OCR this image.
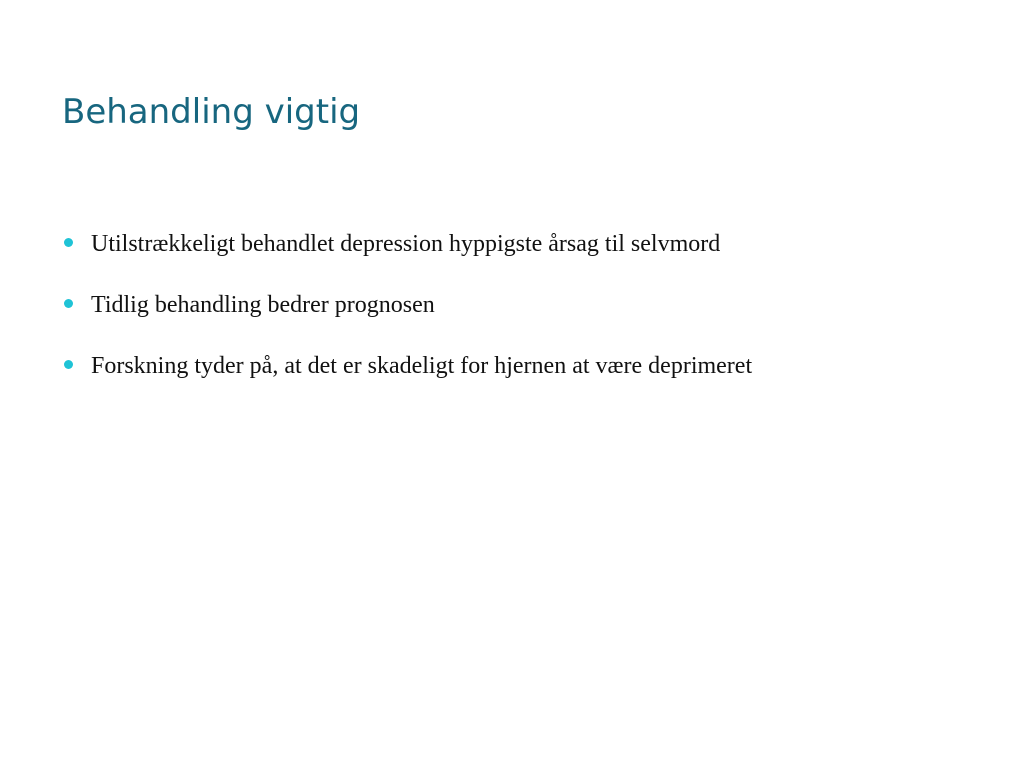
Behandling vigtig
Utilstrækkeligt behandlet depression hyppigste årsag til selvmord
Tidlig behandling bedrer prognosen
Forskning tyder på, at det er skadeligt for hjernen at være deprimeret
